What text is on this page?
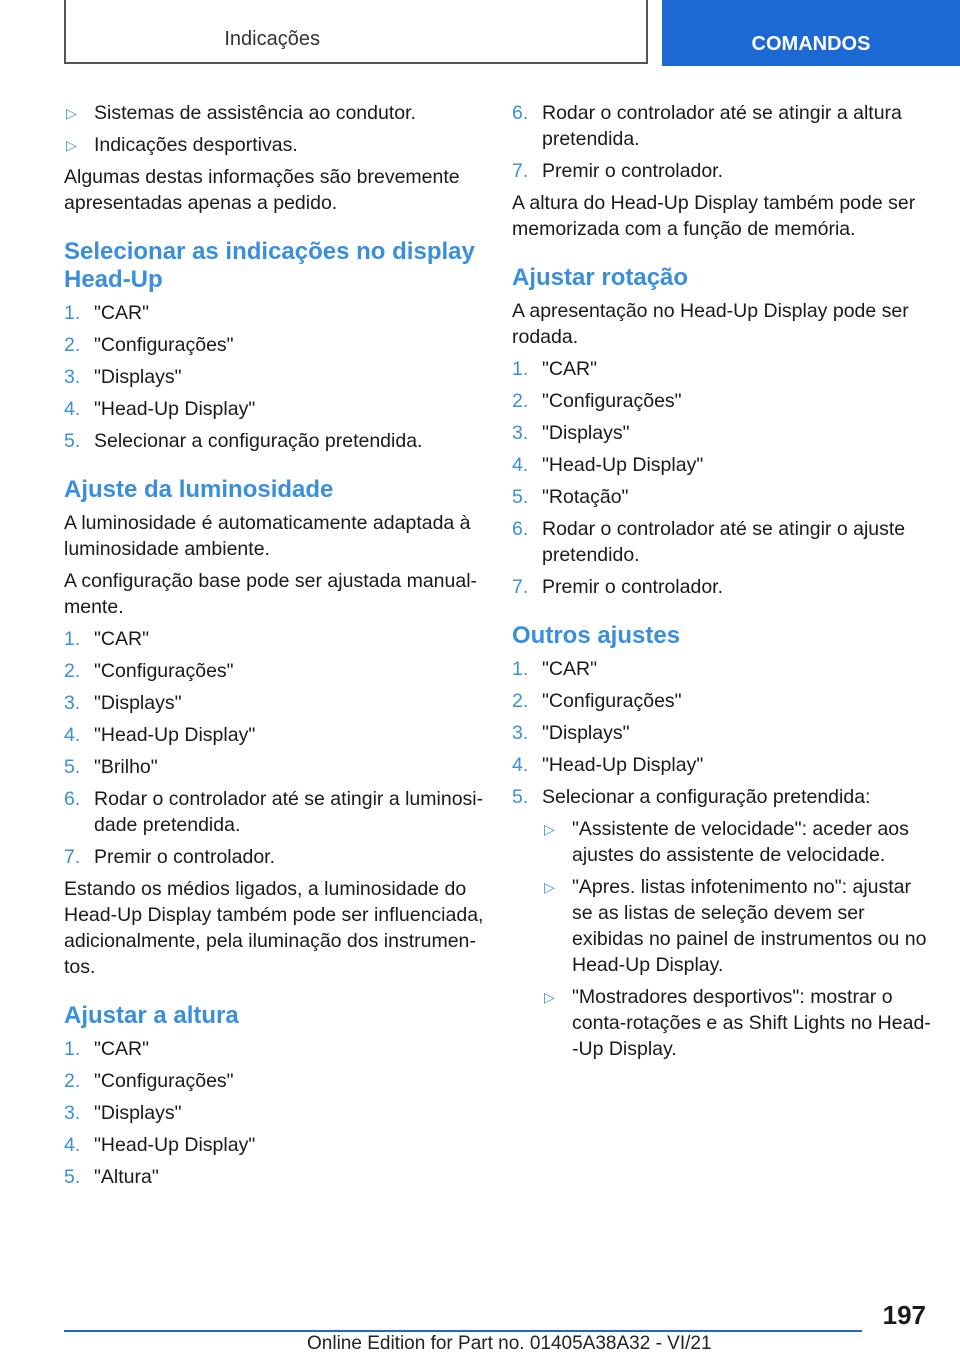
Indicações	COMANDOS
▷ Sistemas de assistência ao condutor.
▷ Indicações desportivas.
Algumas destas informações são brevemente apresentadas apenas a pedido.
Selecionar as indicações no display Head-Up
1. "CAR"
2. "Configurações"
3. "Displays"
4. "Head-Up Display"
5. Selecionar a configuração pretendida.
Ajuste da luminosidade
A luminosidade é automaticamente adaptada à luminosidade ambiente.
A configuração base pode ser ajustada manual-mente.
1. "CAR"
2. "Configurações"
3. "Displays"
4. "Head-Up Display"
5. "Brilho"
6. Rodar o controlador até se atingir a luminosi-dade pretendida.
7. Premir o controlador.
Estando os médios ligados, a luminosidade do Head-Up Display também pode ser influenciada, adicionalmente, pela iluminação dos instrumen-tos.
Ajustar a altura
1. "CAR"
2. "Configurações"
3. "Displays"
4. "Head-Up Display"
5. "Altura"
6. Rodar o controlador até se atingir a altura pretendida.
7. Premir o controlador.
A altura do Head-Up Display também pode ser memorizada com a função de memória.
Ajustar rotação
A apresentação no Head-Up Display pode ser rodada.
1. "CAR"
2. "Configurações"
3. "Displays"
4. "Head-Up Display"
5. "Rotação"
6. Rodar o controlador até se atingir o ajuste pretendido.
7. Premir o controlador.
Outros ajustes
1. "CAR"
2. "Configurações"
3. "Displays"
4. "Head-Up Display"
5. Selecionar a configuração pretendida:
▷ "Assistente de velocidade": aceder aos ajustes do assistente de velocidade.
▷ "Apres. listas infotenimento no": ajustar se as listas de seleção devem ser exibidas no painel de instrumentos ou no Head-Up Display.
▷ "Mostradores desportivos": mostrar o conta-rotações e as Shift Lights no Head--Up Display.
197
Online Edition for Part no. 01405A38A32 - VI/21
